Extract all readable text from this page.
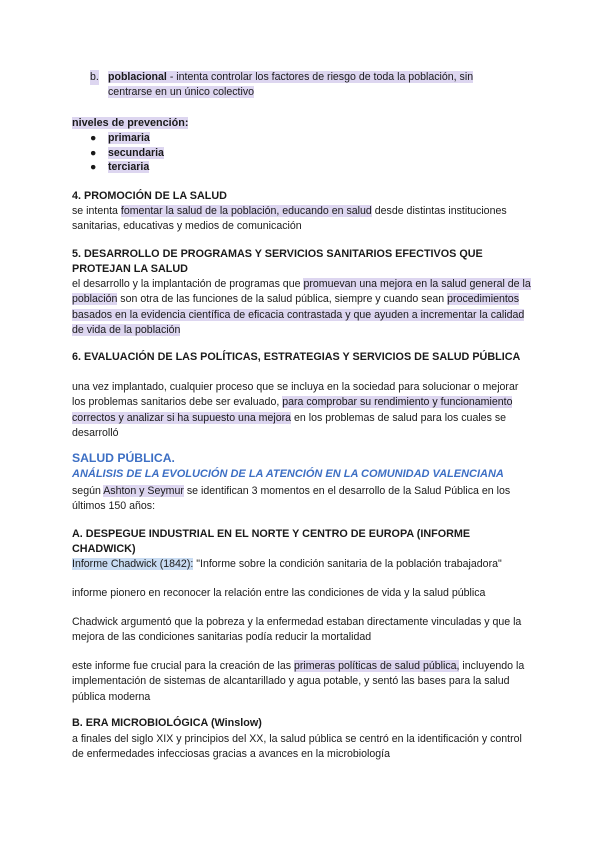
b. poblacional - intenta controlar los factores de riesgo de toda la población, sin centrarse en un único colectivo

niveles de prevención:

● primaria
● secundaria
● terciaria

4. PROMOCIÓN DE LA SALUD

se intenta fomentar la salud de la población, educando en salud desde distintas instituciones sanitarias, educativas y medios de comunicación

5. DESARROLLO DE PROGRAMAS Y SERVICIOS SANITARIOS EFECTIVOS QUE PROTEJAN LA SALUD

el desarrollo y la implantación de programas que promuevan una mejora en la salud general de la población son otra de las funciones de la salud pública, siempre y cuando sean procedimientos basados en la evidencia científica de eficacia contrastada y que ayuden a incrementar la calidad de vida de la población

6. EVALUACIÓN DE LAS POLÍTICAS, ESTRATEGIAS Y SERVICIOS DE SALUD PÚBLICA

una vez implantado, cualquier proceso que se incluya en la sociedad para solucionar o mejorar los problemas sanitarios debe ser evaluado, para comprobar su rendimiento y funcionamiento correctos y analizar si ha supuesto una mejora en los problemas de salud para los cuales se desarrolló

SALUD PÚBLICA.
ANÁLISIS DE LA EVOLUCIÓN DE LA ATENCIÓN EN LA COMUNIDAD VALENCIANA

según Ashton y Seymur se identifican 3 momentos en el desarrollo de la Salud Pública en los últimos 150 años:

A. DESPEGUE INDUSTRIAL EN EL NORTE Y CENTRO DE EUROPA (INFORME CHADWICK)

Informe Chadwick (1842): "Informe sobre la condición sanitaria de la población trabajadora"

informe pionero en reconocer la relación entre las condiciones de vida y la salud pública

Chadwick argumentó que la pobreza y la enfermedad estaban directamente vinculadas y que la mejora de las condiciones sanitarias podía reducir la mortalidad

este informe fue crucial para la creación de las primeras políticas de salud pública, incluyendo la implementación de sistemas de alcantarillado y agua potable, y sentó las bases para la salud pública moderna

B. ERA MICROBIOLÓGICA (Winslow)

a finales del siglo XIX y principios del XX, la salud pública se centró en la identificación y control de enfermedades infecciosas gracias a avances en la microbiología
